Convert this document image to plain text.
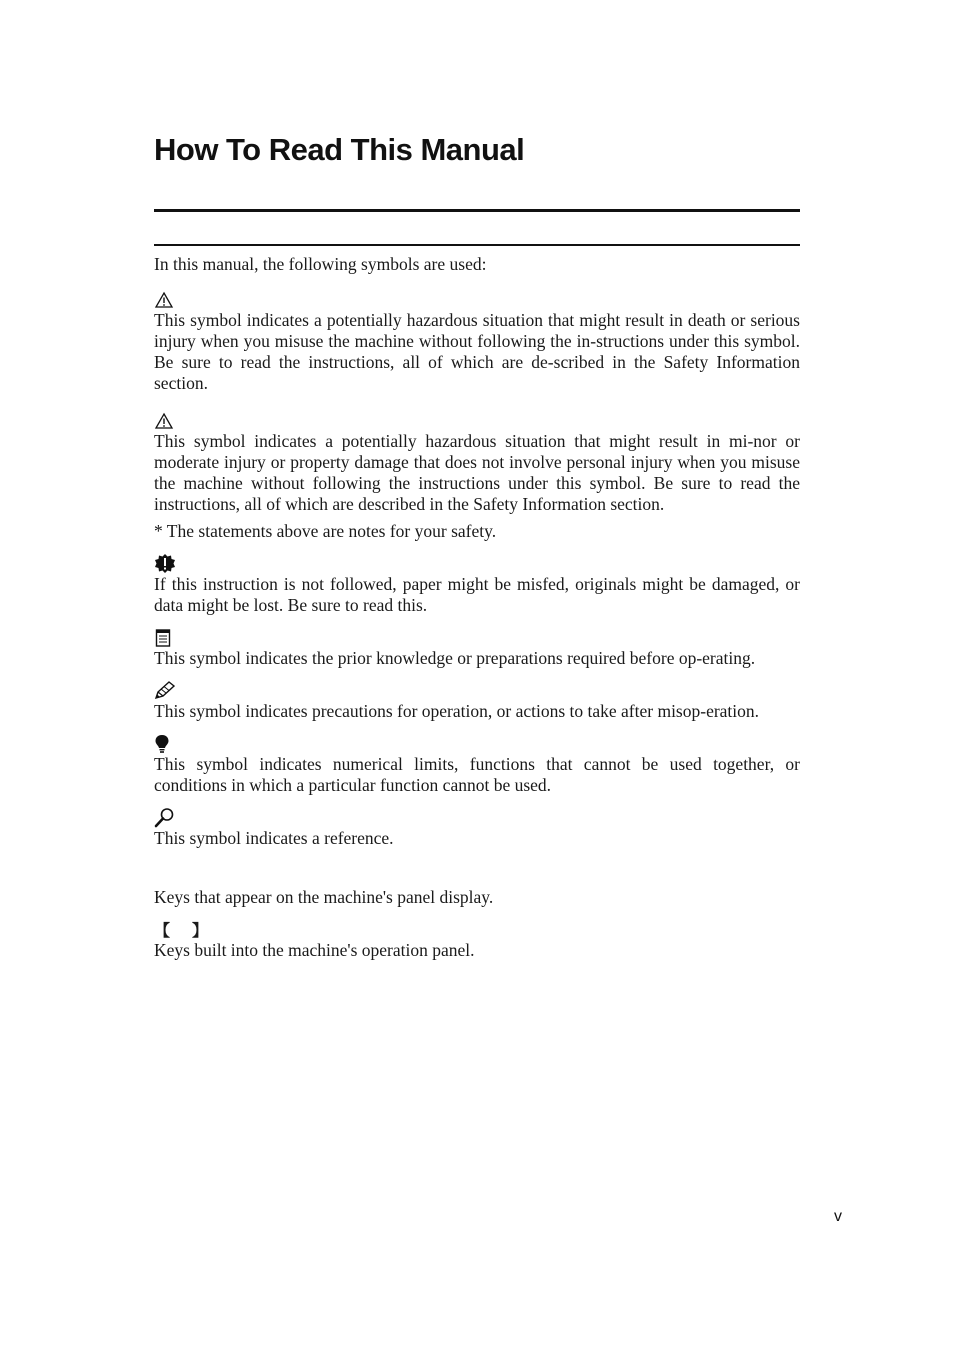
How To Read This Manual

In this manual, the following symbols are used:

This symbol indicates a potentially hazardous situation that might result in death or serious injury when you misuse the machine without following the in-structions under this symbol. Be sure to read the instructions, all of which are de-scribed in the Safety Information section.

This symbol indicates a potentially hazardous situation that might result in mi-nor or moderate injury or property damage that does not involve personal injury when you misuse the machine without following the instructions under this symbol. Be sure to read the instructions, all of which are described in the Safety Information section.

* The statements above are notes for your safety.

If this instruction is not followed, paper might be misfed, originals might be damaged, or data might be lost. Be sure to read this.

This symbol indicates the prior knowledge or preparations required before op-erating.

This symbol indicates precautions for operation, or actions to take after misop-eration.

This symbol indicates numerical limits, functions that cannot be used together, or conditions in which a particular function cannot be used.

This symbol indicates a reference.

Keys that appear on the machine's panel display.

【 】

Keys built into the machine's operation panel.

v
